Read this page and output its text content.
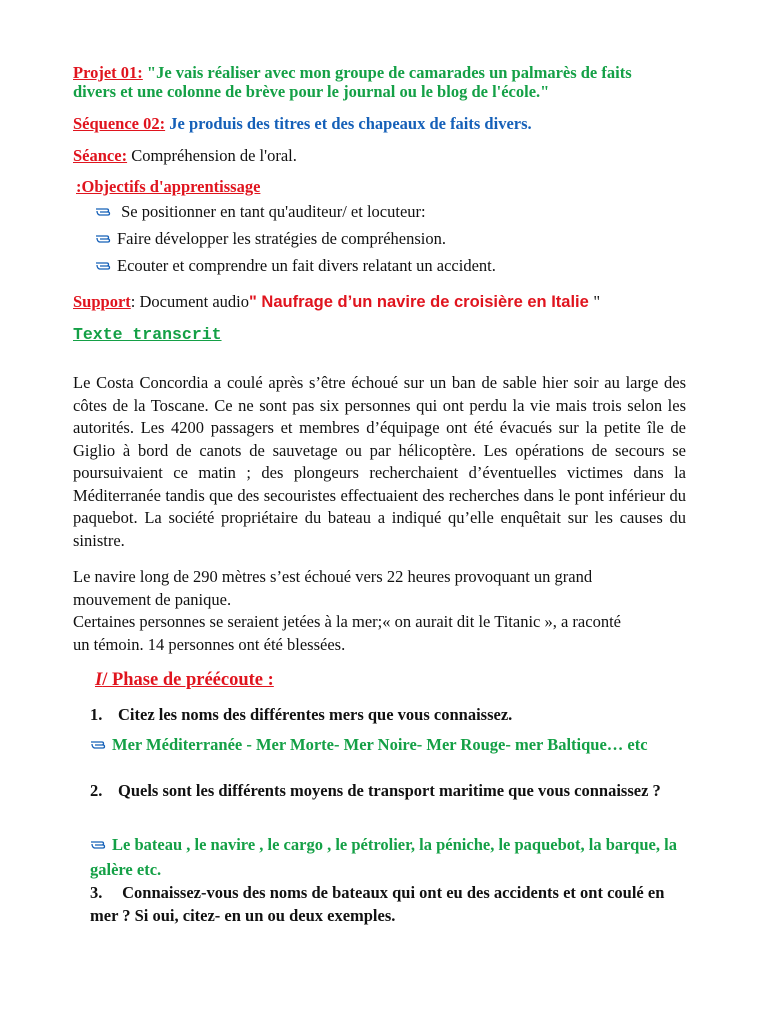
Projet 01: "Je vais réaliser avec mon groupe de camarades un palmarès de faits
divers et une colonne de brève pour le journal ou le blog de l'école."
Séquence 02: Je produis des titres et des chapeaux de faits divers.
Séance: Compréhension de l'oral.
:Objectifs d'apprentissage
Se positionner en tant qu'auditeur/ et locuteur:
Faire développer les stratégies de compréhension.
Ecouter et comprendre un fait divers relatant un accident.
Support: Document audio" Naufrage d’un navire de croisière en Italie "
Texte transcrit

Le Costa Concordia a coulé après s’être échoué sur un ban de sable hier soir au large des côtes de la Toscane. Ce ne sont pas six personnes qui ont perdu la vie mais trois selon les autorités. Les 4200 passagers et membres d’équipage ont été évacués sur la petite île de Giglio à bord de canots de sauvetage ou par hélicoptère. Les opérations de secours se poursuivaient ce matin ; des plongeurs recherchaient d’éventuelles victimes dans la Méditerranée tandis que des secouristes effectuaient des recherches dans le pont inférieur du paquebot. La société propriétaire du bateau a indiqué qu’elle enquêtait sur les causes du sinistre.

Le navire long de 290 mètres s’est échoué vers 22 heures provoquant un grand

mouvement de panique.

Certaines personnes se seraient jetées à la mer;« on aurait dit le Titanic », a raconté

un témoin. 14 personnes ont été blessées.

I/ Phase de préécoute :
1. Citez les noms des différentes mers que vous connaissez.
Mer Méditerranée - Mer Morte- Mer Noire- Mer Rouge- mer Baltique… etc
2. Quels sont les différents moyens de transport maritime que vous connaissez ?
Le bateau , le navire , le cargo , le pétrolier, la péniche, le paquebot, la barque, la galère etc.
3. Connaissez-vous des noms de bateaux qui ont eu des accidents et ont coulé en mer ? Si oui, citez- en un ou deux exemples.
